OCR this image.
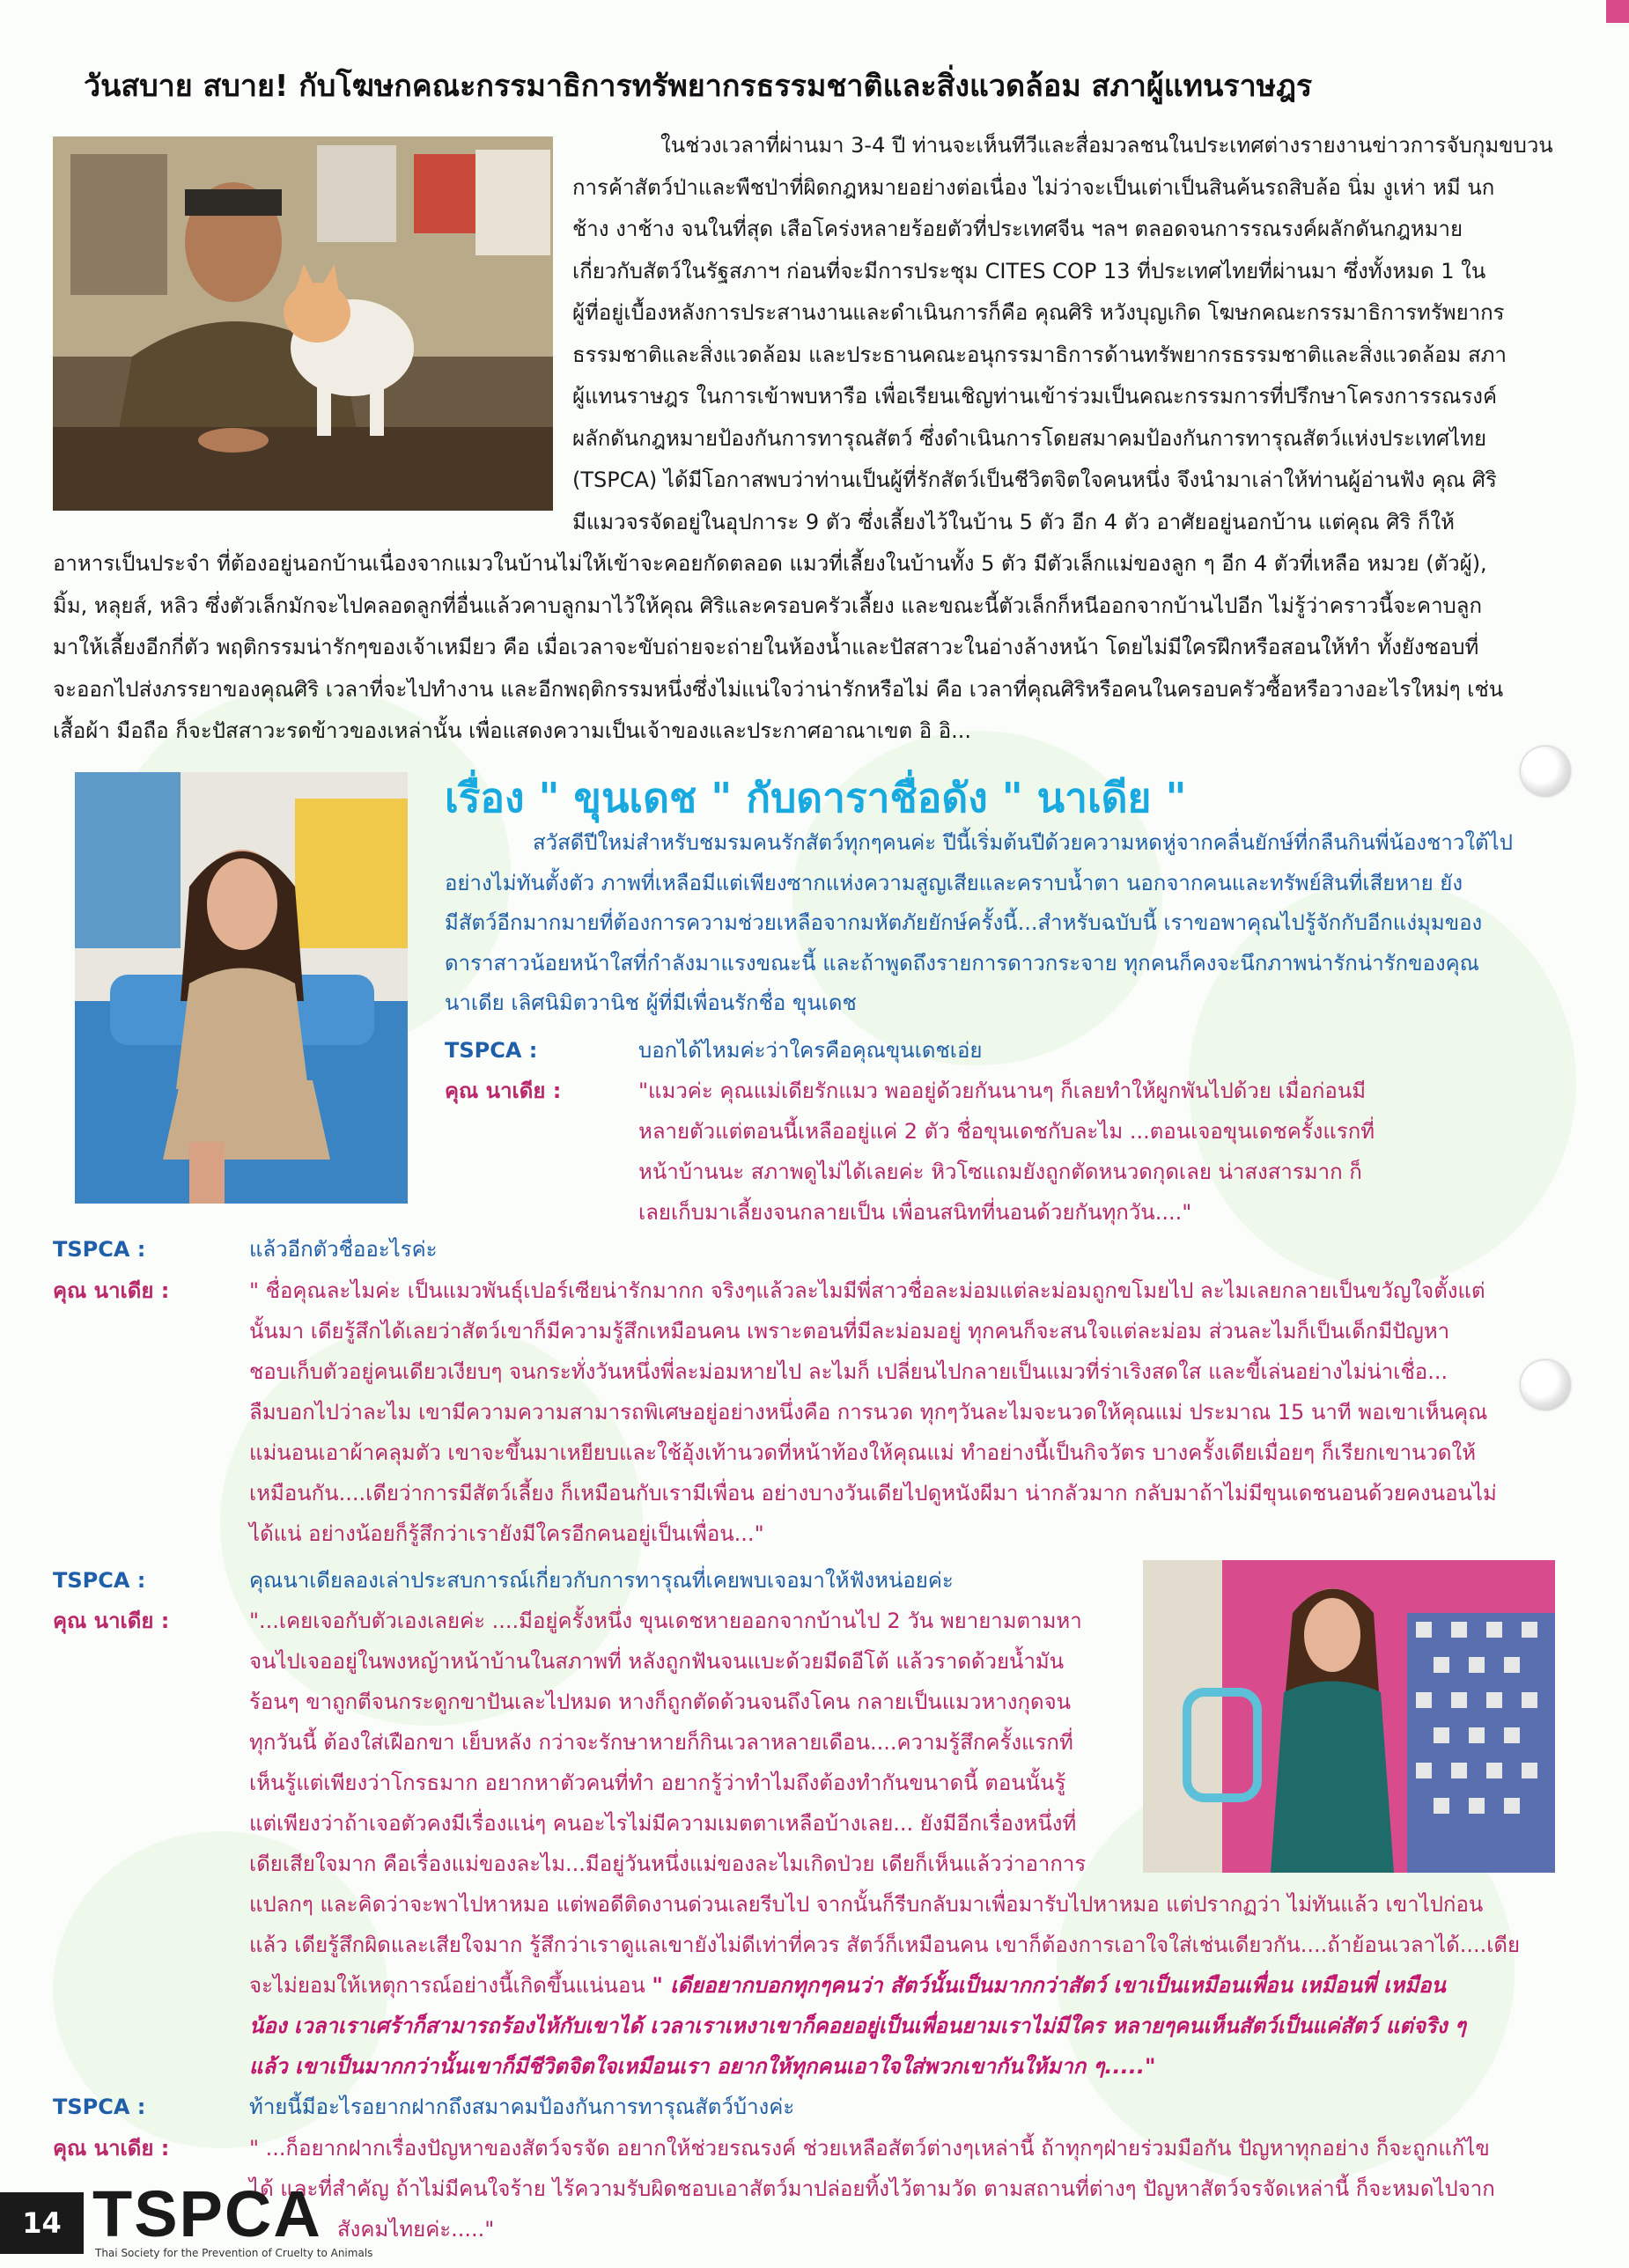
วันสบาย สบาย! กับโฆษกคณะกรรมาธิการทรัพยากรธรรมชาติและสิ่งแวดล้อม สภาผู้แทนราษฎร

ในช่วงเวลาที่ผ่านมา 3-4 ปี ท่านจะเห็นทีวีและสื่อมวลชนในประเทศต่างรายงานข่าวการจับกุมขบวน

การค้าสัตว์ป่าและพืชป่าที่ผิดกฎหมายอย่างต่อเนื่อง ไม่ว่าจะเป็นเต่าเป็นสินค้นรถสิบล้อ นิ่ม งูเห่า หมี นก

ช้าง งาช้าง จนในที่สุด เสือโคร่งหลายร้อยตัวที่ประเทศจีน ฯลฯ ตลอดจนการรณรงค์ผลักดันกฎหมาย

เกี่ยวกับสัตว์ในรัฐสภาฯ ก่อนที่จะมีการประชุม CITES COP 13 ที่ประเทศไทยที่ผ่านมา ซึ่งทั้งหมด 1 ใน

ผู้ที่อยู่เบื้องหลังการประสานงานและดำเนินการก็คือ คุณศิริ หวังบุญเกิด โฆษกคณะกรรมาธิการทรัพยากร

ธรรมชาติและสิ่งแวดล้อม และประธานคณะอนุกรรมาธิการด้านทรัพยากรธรรมชาติและสิ่งแวดล้อม สภา

ผู้แทนราษฎร ในการเข้าพบหารือ เพื่อเรียนเชิญท่านเข้าร่วมเป็นคณะกรรมการที่ปรึกษาโครงการรณรงค์

ผลักดันกฎหมายป้องกันการทารุณสัตว์ ซึ่งดำเนินการโดยสมาคมป้องกันการทารุณสัตว์แห่งประเทศไทย

(TSPCA) ได้มีโอกาสพบว่าท่านเป็นผู้ที่รักสัตว์เป็นชีวิตจิตใจคนหนึ่ง จึงนำมาเล่าให้ท่านผู้อ่านฟัง คุณ ศิริ

มีแมวจรจัดอยู่ในอุปการะ 9 ตัว ซึ่งเลี้ยงไว้ในบ้าน 5 ตัว อีก 4 ตัว อาศัยอยู่นอกบ้าน แต่คุณ ศิริ ก็ให้

อาหารเป็นประจำ ที่ต้องอยู่นอกบ้านเนื่องจากแมวในบ้านไม่ให้เข้าจะคอยกัดตลอด แมวที่เลี้ยงในบ้านทั้ง 5 ตัว มีตัวเล็กแม่ของลูก ๆ อีก 4 ตัวที่เหลือ หมวย (ตัวผู้),

มิ้ม, หลุยส์, หลิว ซึ่งตัวเล็กมักจะไปคลอดลูกที่อื่นแล้วคาบลูกมาไว้ให้คุณ ศิริและครอบครัวเลี้ยง และขณะนี้ตัวเล็กก็หนีออกจากบ้านไปอีก ไม่รู้ว่าคราวนี้จะคาบลูก

มาให้เลี้ยงอีกกี่ตัว พฤติกรรมน่ารักๆของเจ้าเหมียว คือ เมื่อเวลาจะขับถ่ายจะถ่ายในห้องน้ำและปัสสาวะในอ่างล้างหน้า โดยไม่มีใครฝึกหรือสอนให้ทำ ทั้งยังชอบที่

จะออกไปส่งภรรยาของคุณศิริ เวลาที่จะไปทำงาน และอีกพฤติกรรมหนึ่งซึ่งไม่แน่ใจว่าน่ารักหรือไม่ คือ เวลาที่คุณศิริหรือคนในครอบครัวซื้อหรือวางอะไรใหม่ๆ เช่น

เสื้อผ้า มือถือ ก็จะปัสสาวะรดข้าวของเหล่านั้น เพื่อแสดงความเป็นเจ้าของและประกาศอาณาเขต อิ อิ...

เรื่อง " ขุนเดช " กับดาราชื่อดัง " นาเดีย "

สวัสดีปีใหม่สำหรับชมรมคนรักสัตว์ทุกๆคนค่ะ ปีนี้เริ่มต้นปีด้วยความหดหู่จากคลื่นยักษ์ที่กลืนกินพี่น้องชาวใต้ไป

อย่างไม่ทันตั้งตัว ภาพที่เหลือมีแต่เพียงซากแห่งความสูญเสียและคราบน้ำตา นอกจากคนและทรัพย์สินที่เสียหาย ยัง

มีสัตว์อีกมากมายที่ต้องการความช่วยเหลือจากมหัตภัยยักษ์ครั้งนี้...สำหรับฉบับนี้ เราขอพาคุณไปรู้จักกับอีกแง่มุมของ

ดาราสาวน้อยหน้าใสที่กำลังมาแรงขณะนี้ และถ้าพูดถึงรายการดาวกระจาย ทุกคนก็คงจะนึกภาพน่ารักน่ารักของคุณ

นาเดีย เลิศนิมิตวานิช ผู้ที่มีเพื่อนรักชื่อ ขุนเดช

TSPCA :	บอกได้ไหมค่ะว่าใครคือคุณขุนเดชเอ่ย
คุณ นาเดีย :	"แมวค่ะ คุณแม่เดียรักแมว พออยู่ด้วยกันนานๆ ก็เลยทำให้ผูกพันไปด้วย เมื่อก่อนมี

หลายตัวแต่ตอนนี้เหลืออยู่แค่ 2 ตัว ชื่อขุนเดชกับละไม ...ตอนเจอขุนเดชครั้งแรกที่

หน้าบ้านนะ สภาพดูไม่ได้เลยค่ะ หิวโซแถมยังถูกตัดหนวดกุดเลย น่าสงสารมาก ก็

เลยเก็บมาเลี้ยงจนกลายเป็น เพื่อนสนิทที่นอนด้วยกันทุกวัน...."

TSPCA :	แล้วอีกตัวชื่ออะไรค่ะ
คุณ นาเดีย :	" ชื่อคุณละไมค่ะ เป็นแมวพันธุ์เปอร์เซียน่ารักมากก จริงๆแล้วละไมมีพี่สาวชื่อละม่อมแต่ละม่อมถูกขโมยไป ละไมเลยกลายเป็นขวัญใจตั้งแต่

นั้นมา เดียรู้สึกได้เลยว่าสัตว์เขาก็มีความรู้สึกเหมือนคน เพราะตอนที่มีละม่อมอยู่ ทุกคนก็จะสนใจแต่ละม่อม ส่วนละไมก็เป็นเด็กมีปัญหา

ชอบเก็บตัวอยู่คนเดียวเงียบๆ จนกระทั่งวันหนึ่งพี่ละม่อมหายไป ละไมก็ เปลี่ยนไปกลายเป็นแมวที่ร่าเริงสดใส และขี้เล่นอย่างไม่น่าเชื่อ...

ลืมบอกไปว่าละไม เขามีความความสามารถพิเศษอยู่อย่างหนึ่งคือ การนวด ทุกๆวันละไมจะนวดให้คุณแม่ ประมาณ 15 นาที พอเขาเห็นคุณ

แม่นอนเอาผ้าคลุมตัว เขาจะขึ้นมาเหยียบและใช้อุ้งเท้านวดที่หน้าท้องให้คุณแม่ ทำอย่างนี้เป็นกิจวัตร บางครั้งเดียเมื่อยๆ ก็เรียกเขานวดให้

เหมือนกัน....เดียว่าการมีสัตว์เลี้ยง ก็เหมือนกับเรามีเพื่อน อย่างบางวันเดียไปดูหนังผีมา น่ากลัวมาก กลับมาถ้าไม่มีขุนเดชนอนด้วยคงนอนไม่

ได้แน่ อย่างน้อยก็รู้สึกว่าเรายังมีใครอีกคนอยู่เป็นเพื่อน..."

TSPCA :	คุณนาเดียลองเล่าประสบการณ์เกี่ยวกับการทารุณที่เคยพบเจอมาให้ฟังหน่อยค่ะ
คุณ นาเดีย :	"...เคยเจอกับตัวเองเลยค่ะ ....มีอยู่ครั้งหนึ่ง ขุนเดชหายออกจากบ้านไป 2 วัน พยายามตามหา

จนไปเจออยู่ในพงหญ้าหน้าบ้านในสภาพที่ หลังถูกฟันจนแบะด้วยมีดอีโต้ แล้วราดด้วยน้ำมัน

ร้อนๆ ขาถูกตีจนกระดูกขาปันเละไปหมด หางก็ถูกตัดด้วนจนถึงโคน กลายเป็นแมวหางกุดจน

ทุกวันนี้ ต้องใส่เฝือกขา เย็บหลัง กว่าจะรักษาหายก็กินเวลาหลายเดือน....ความรู้สึกครั้งแรกที่

เห็นรู้แต่เพียงว่าโกรธมาก อยากหาตัวคนที่ทำ อยากรู้ว่าทำไมถึงต้องทำกันขนาดนี้ ตอนนั้นรู้

แต่เพียงว่าถ้าเจอตัวคงมีเรื่องแน่ๆ คนอะไรไม่มีความเมตตาเหลือบ้างเลย... ยังมีอีกเรื่องหนึ่งที่

เดียเสียใจมาก คือเรื่องแม่ของละไม...มีอยู่วันหนึ่งแม่ของละไมเกิดป่วย เดียก็เห็นแล้วว่าอาการ

แปลกๆ และคิดว่าจะพาไปหาหมอ แต่พอดีติดงานด่วนเลยรีบไป จากนั้นก็รีบกลับมาเพื่อมารับไปหาหมอ แต่ปรากฏว่า ไม่ทันแล้ว เขาไปก่อน

แล้ว เดียรู้สึกผิดและเสียใจมาก รู้สึกว่าเราดูแลเขายังไม่ดีเท่าที่ควร สัตว์ก็เหมือนคน เขาก็ต้องการเอาใจใส่เช่นเดียวกัน....ถ้าย้อนเวลาได้....เดีย

จะไม่ยอมให้เหตุการณ์อย่างนี้เกิดขึ้นแน่นอน " เดียอยากบอกทุกๆคนว่า สัตว์นั้นเป็นมากกว่าสัตว์ เขาเป็นเหมือนเพื่อน เหมือนพี่ เหมือน

น้อง เวลาเราเศร้าก็สามารถร้องไห้กับเขาได้ เวลาเราเหงาเขาก็คอยอยู่เป็นเพื่อนยามเราไม่มีใคร หลายๆคนเห็นสัตว์เป็นแค่สัตว์ แต่จริง ๆ

แล้ว เขาเป็นมากกว่านั้นเขาก็มีชีวิตจิตใจเหมือนเรา อยากให้ทุกคนเอาใจใส่พวกเขากันให้มาก ๆ....."

TSPCA :	ท้ายนี้มีอะไรอยากฝากถึงสมาคมป้องกันการทารุณสัตว์บ้างค่ะ
คุณ นาเดีย :	" ...ก็อยากฝากเรื่องปัญหาของสัตว์จรจัด อยากให้ช่วยรณรงค์ ช่วยเหลือสัตว์ต่างๆเหล่านี้ ถ้าทุกๆฝ่ายร่วมมือกัน ปัญหาทุกอย่าง ก็จะถูกแก้ไข

ได้ และที่สำคัญ ถ้าไม่มีคนใจร้าย ไร้ความรับผิดชอบเอาสัตว์มาปล่อยทิ้งไว้ตามวัด ตามสถานที่ต่างๆ ปัญหาสัตว์จรจัดเหล่านี้ ก็จะหมดไปจาก

สังคมไทยค่ะ....."

14 TSPCA
Thai Society for the Prevention of Cruelty to Animals
